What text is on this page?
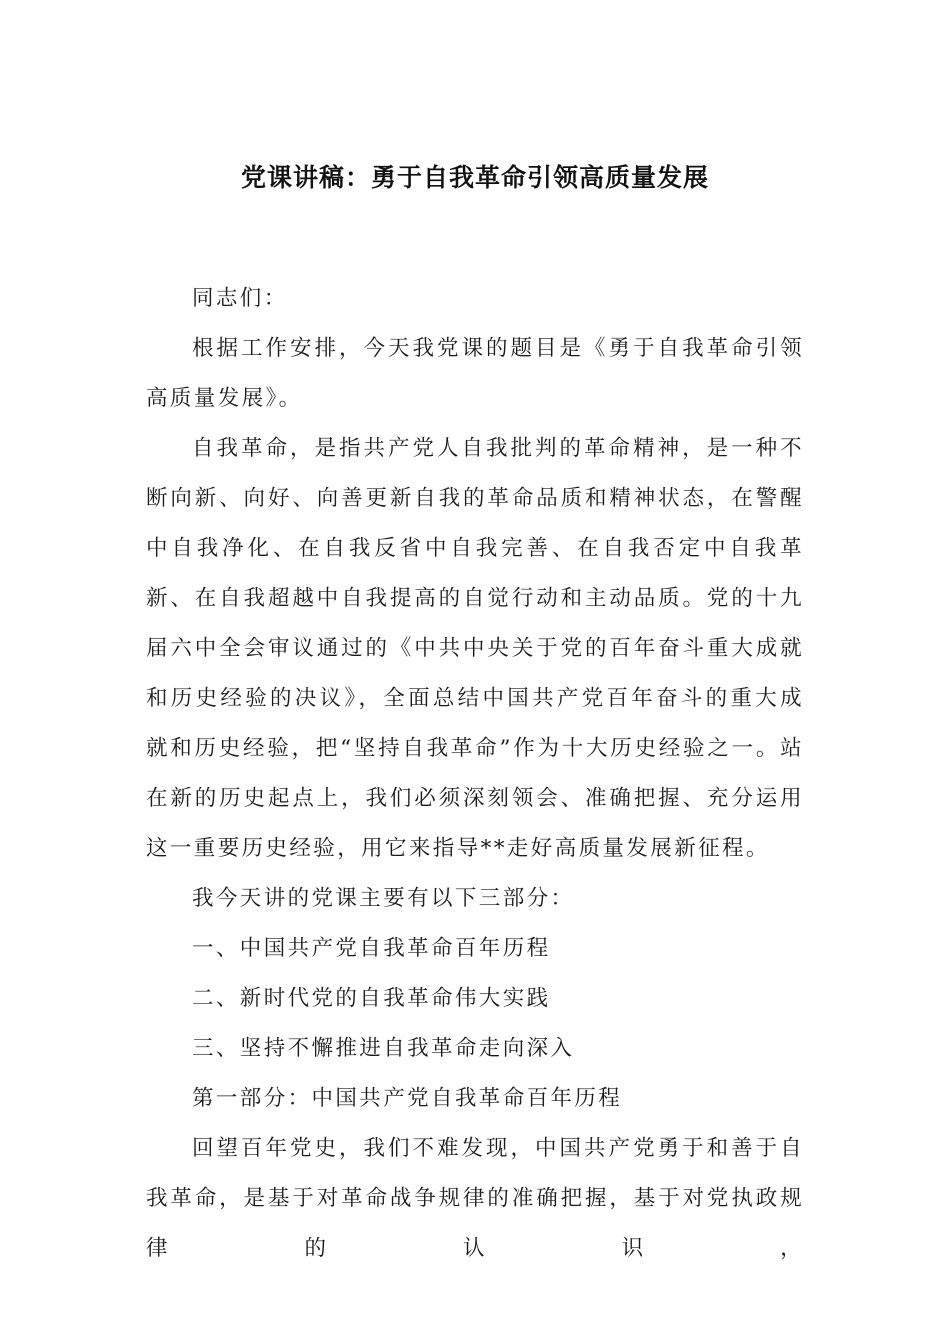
党课讲稿：勇于自我革命引领高质量发展

同志们：

根据工作安排，今天我党课的题目是《勇于自我革命引领高质量发展》。

自我革命，是指共产党人自我批判的革命精神，是一种不断向新、向好、向善更新自我的革命品质和精神状态，在警醒中自我净化、在自我反省中自我完善、在自我否定中自我革新、在自我超越中自我提高的自觉行动和主动品质。党的十九届六中全会审议通过的《中共中央关于党的百年奋斗重大成就和历史经验的决议》，全面总结中国共产党百年奋斗的重大成就和历史经验，把“坚持自我革命”作为十大历史经验之一。站在新的历史起点上，我们必须深刻领会、准确把握、充分运用这一重要历史经验，用它来指导**走好高质量发展新征程。

我今天讲的党课主要有以下三部分：

一、中国共产党自我革命百年历程

二、新时代党的自我革命伟大实践

三、坚持不懈推进自我革命走向深入

第一部分：中国共产党自我革命百年历程

回望百年党史，我们不难发现，中国共产党勇于和善于自我革命，是基于对革命战争规律的准确把握，基于对党执政规律的认识，
